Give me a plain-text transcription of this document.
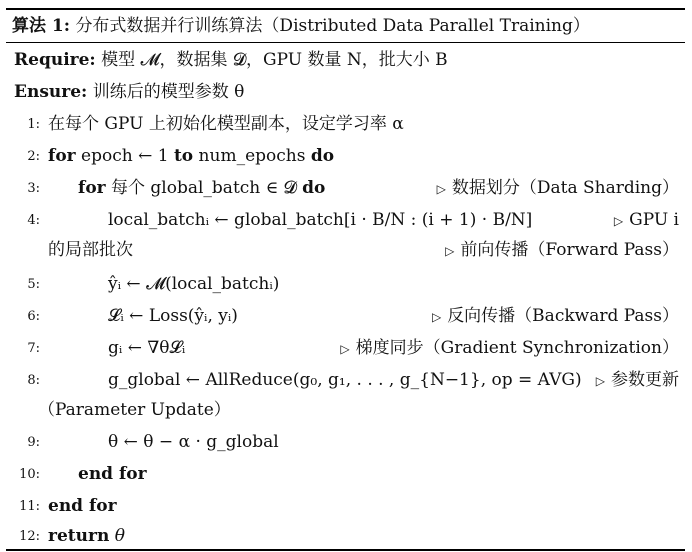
算法 1: 分布式数据并行训练算法（Distributed Data Parallel Training）
Require: 模型 𝓜，数据集 𝓓，GPU 数量 N，批大小 B
Ensure: 训练后的模型参数 θ
1: 在每个 GPU 上初始化模型副本，设定学习率 α
2: for epoch ← 1 to num_epochs do
3: for 每个 global_batch ∈ 𝓓 do	▷ 数据划分（Data Sharding）
4:	local_batchᵢ ← global_batch[i · B/N : (i + 1) · B/N]	▷ GPU i
的局部批次	▷ 前向传播（Forward Pass）
5:	ŷᵢ ← 𝓜(local_batchᵢ)
6:	𝓛ᵢ ← Loss(ŷᵢ, yᵢ)	▷ 反向传播（Backward Pass）
7:	gᵢ ← ∇θ𝓛ᵢ	▷ 梯度同步（Gradient Synchronization）
8:	g_global ← AllReduce(g₀, g₁, . . . , g_{N−1}, op = AVG) ▷ 参数更新
（Parameter Update）
9:	θ ← θ − α · g_global
10: end for
11: end for
12: return θ
